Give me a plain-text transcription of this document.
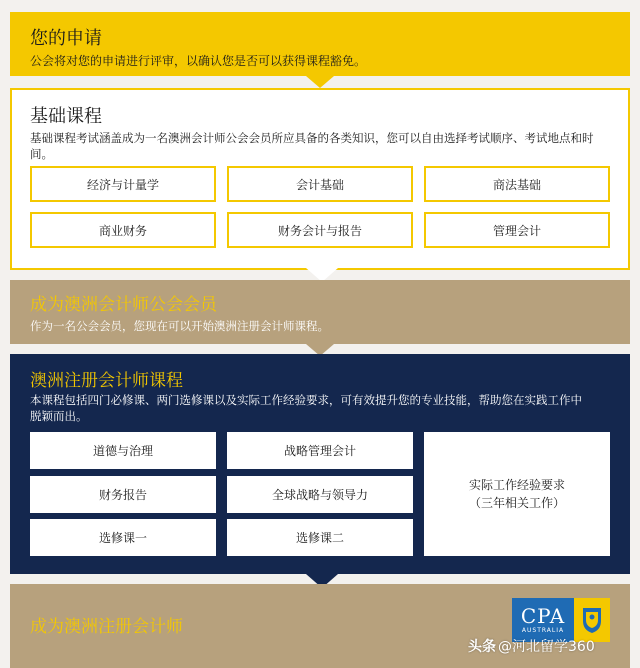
您的申请
公会将对您的申请进行评审，以确认您是否可以获得课程豁免。
基础课程
基础课程考试涵盖成为一名澳洲会计师公会会员所应具备的各类知识，您可以自由选择考试顺序、考试地点和时间。
经济与计量学	会计基础	商法基础
商业财务	财务会计与报告	管理会计
成为澳洲会计师公会会员
作为一名公会会员，您现在可以开始澳洲注册会计师课程。
澳洲注册会计师课程
本课程包括四门必修课、两门选修课以及实际工作经验要求，可有效提升您的专业技能，帮助您在实践工作中脱颖而出。
道德与治理	战略管理会计
财务报告	全球战略与领导力
选修课一	选修课二
实际工作经验要求
（三年相关工作）
成为澳洲注册会计师	CPA
AUSTRALIA
头条 @河北留学360
